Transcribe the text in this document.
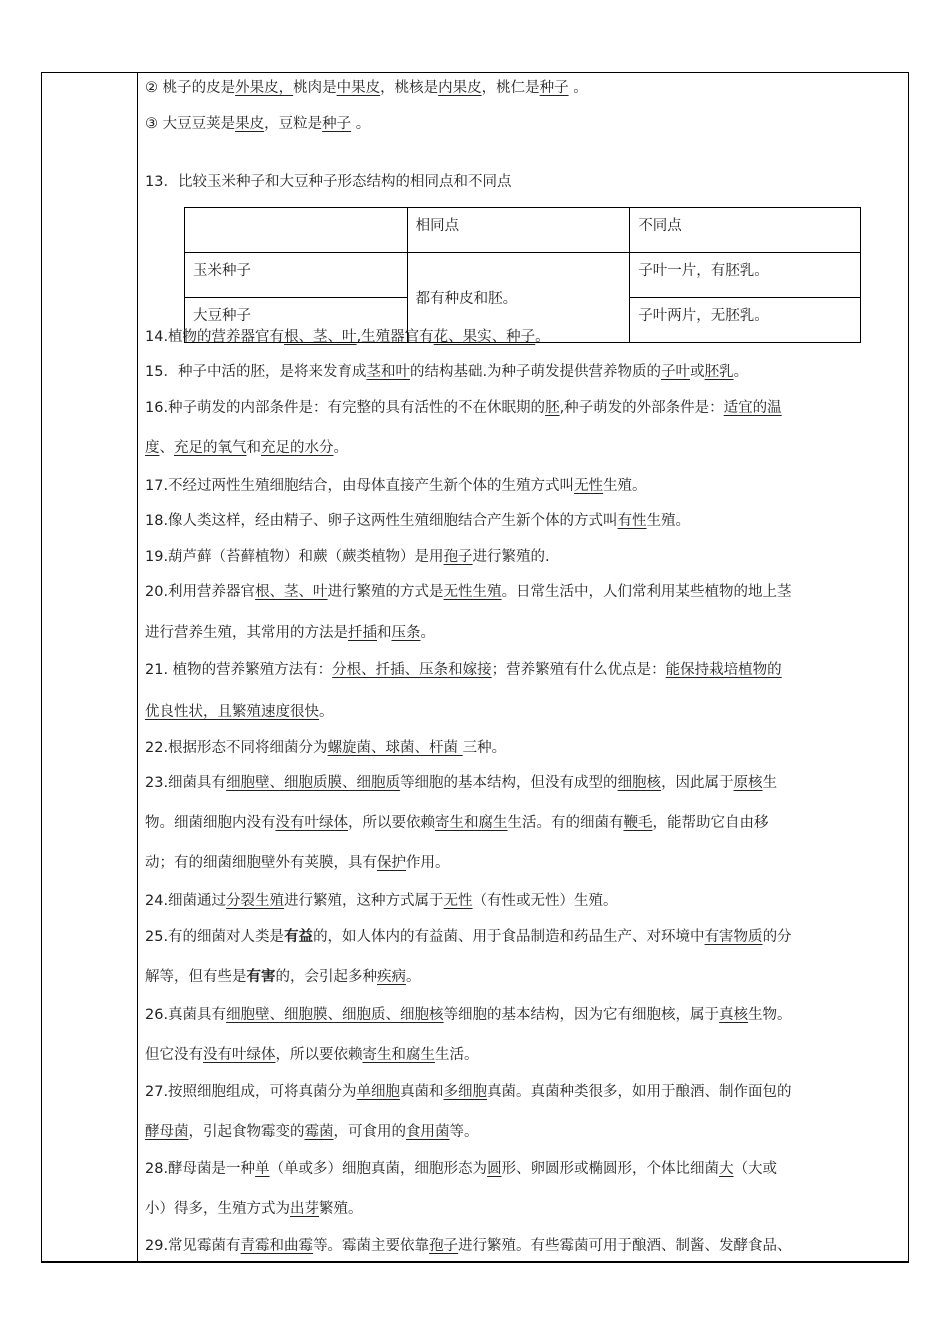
	相同点	不同点
玉米种子	都有种皮和胚。	子叶一片，有胚乳。
大豆种子		子叶两片，无胚乳。
② 桃子的皮是外果皮，桃肉是中果皮，桃核是内果皮，桃仁是种子 。
③ 大豆豆荚是果皮，豆粒是种子 。
13．比较玉米种子和大豆种子形态结构的相同点和不同点
14.植物的营养器官有根、茎、叶,生殖器官有花、果实、种子。
15．种子中活的胚，是将来发育成茎和叶的结构基础.为种子萌发提供营养物质的子叶或胚乳。
16.种子萌发的内部条件是：有完整的具有活性的不在休眠期的胚,种子萌发的外部条件是：适宜的温
度、充足的氧气和充足的水分。
17.不经过两性生殖细胞结合，由母体直接产生新个体的生殖方式叫无性生殖。
18.像人类这样，经由精子、卵子这两性生殖细胞结合产生新个体的方式叫有性生殖。
19.葫芦藓（苔藓植物）和蕨（蕨类植物）是用孢子进行繁殖的.
20.利用营养器官根、茎、叶进行繁殖的方式是无性生殖。日常生活中，人们常利用某些植物的地上茎
进行营养生殖，其常用的方法是扦插和压条。
21. 植物的营养繁殖方法有：分根、扦插、压条和嫁接；营养繁殖有什么优点是：能保持栽培植物的
优良性状，且繁殖速度很快。
22.根据形态不同将细菌分为螺旋菌、球菌、杆菌 三种。
23.细菌具有细胞壁、细胞质膜、细胞质等细胞的基本结构，但没有成型的细胞核，因此属于原核生
物。细菌细胞内没有没有叶绿体，所以要依赖寄生和腐生生活。有的细菌有鞭毛，能帮助它自由移
动；有的细菌细胞壁外有荚膜，具有保护作用。
24.细菌通过分裂生殖进行繁殖，这种方式属于无性（有性或无性）生殖。
25.有的细菌对人类是有益的，如人体内的有益菌、用于食品制造和药品生产、对环境中有害物质的分
解等，但有些是有害的，会引起多种疾病。
26.真菌具有细胞壁、细胞膜、细胞质、细胞核等细胞的基本结构，因为它有细胞核，属于真核生物。
但它没有没有叶绿体，所以要依赖寄生和腐生生活。
27.按照细胞组成，可将真菌分为单细胞真菌和多细胞真菌。真菌种类很多，如用于酿酒、制作面包的
酵母菌，引起食物霉变的霉菌，可食用的食用菌等。
28.酵母菌是一种单（单或多）细胞真菌，细胞形态为圆形、卵圆形或椭圆形，个体比细菌大（大或
小）得多，生殖方式为出芽繁殖。
29.常见霉菌有青霉和曲霉等。霉菌主要依靠孢子进行繁殖。有些霉菌可用于酿酒、制酱、发酵食品、
